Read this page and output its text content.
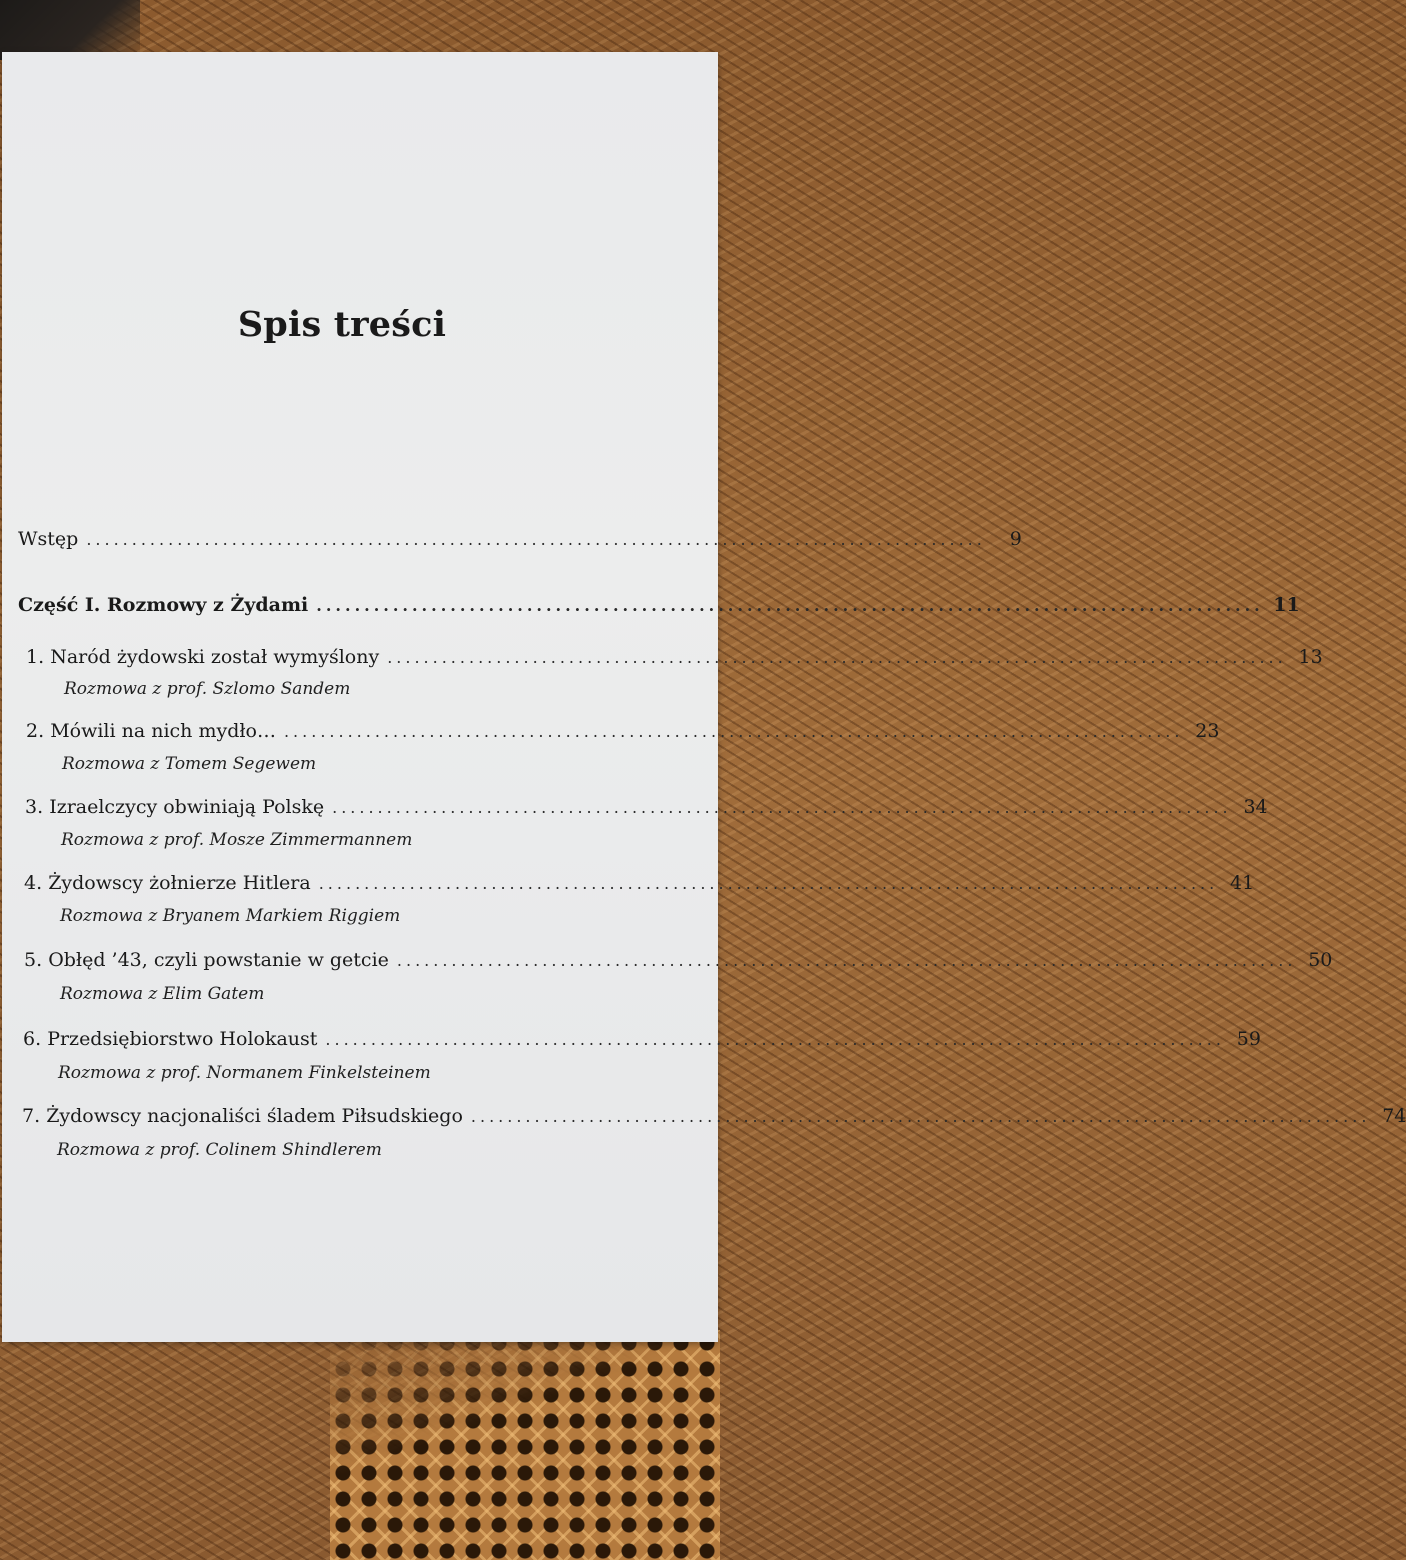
Spis treści
Wstęp ...................................................................................................	9
Część I. Rozmowy z Żydami ................................................................................................... 11
1. Naród żydowski został wymyślony ................................................................................................... 13
Rozmowa z prof. Szlomo Sandem
2. Mówili na nich mydło… ................................................................................................... 23
Rozmowa z Tomem Segewem
3. Izraelczycy obwiniają Polskę ................................................................................................... 34
Rozmowa z prof. Mosze Zimmermannem
4. Żydowscy żołnierze Hitlera ................................................................................................... 41
Rozmowa z Bryanem Markiem Riggiem
5. Obłęd ’43, czyli powstanie w getcie ................................................................................................... 50
Rozmowa z Elim Gatem
6. Przedsiębiorstwo Holokaust ................................................................................................... 59
Rozmowa z prof. Normanem Finkelsteinem
7. Żydowscy nacjonaliści śladem Piłsudskiego ................................................................................................... 74
Rozmowa z prof. Colinem Shindlerem
